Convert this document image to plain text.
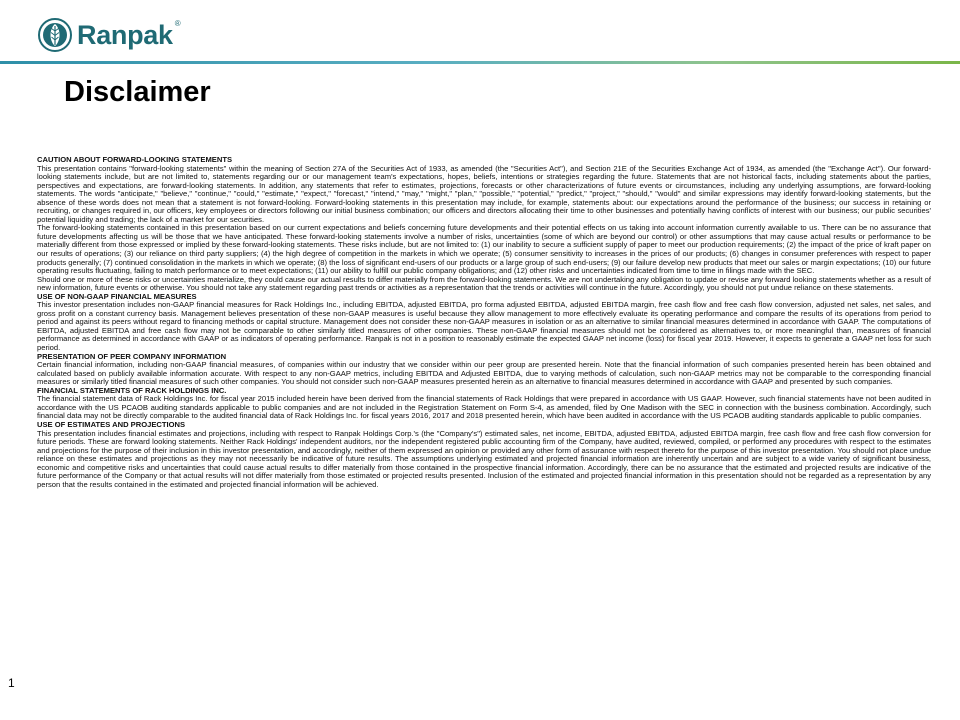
Ranpak ®
Disclaimer
CAUTION ABOUT FORWARD-LOOKING STATEMENTS

This presentation contains "forward-looking statements" within the meaning of Section 27A of the Securities Act of 1933, as amended (the "Securities Act"), and Section 21E of the Securities Exchange Act of 1934, as amended (the "Exchange Act"). Our forward-looking statements include, but are not limited to, statements regarding our or our management team's expectations, hopes, beliefs, intentions or strategies regarding the future. Statements that are not historical facts, including statements about the parties, perspectives and expectations, are forward-looking statements. In addition, any statements that refer to estimates, projections, forecasts or other characterizations of future events or circumstances, including any underlying assumptions, are forward-looking statements. The words "anticipate," "believe," "continue," "could," "estimate," "expect," "forecast," "intend," "may," "might," "plan," "possible," "potential," "predict," "project," "should," "would" and similar expressions may identify forward-looking statements, but the absence of these words does not mean that a statement is not forward-looking. Forward-looking statements in this presentation may include, for example, statements about: our expectations around the performance of the business; our success in retaining or recruiting, or changes required in, our officers, key employees or directors following our initial business combination; our officers and directors allocating their time to other businesses and potentially having conflicts of interest with our business; our public securities' potential liquidity and trading; the lack of a market for our securities.

The forward-looking statements contained in this presentation based on our current expectations and beliefs concerning future developments and their potential effects on us taking into account information currently available to us. There can be no assurance that future developments affecting us will be those that we have anticipated. These forward-looking statements involve a number of risks, uncertainties (some of which are beyond our control) or other assumptions that may cause actual results or performance to be materially different from those expressed or implied by these forward-looking statements. These risks include, but are not limited to: (1) our inability to secure a sufficient supply of paper to meet our production requirements; (2) the impact of the price of kraft paper on our results of operations; (3) our reliance on third party suppliers; (4) the high degree of competition in the markets in which we operate; (5) consumer sensitivity to increases in the prices of our products; (6) changes in consumer preferences with respect to paper products generally; (7) continued consolidation in the markets in which we operate; (8) the loss of significant end-users of our products or a large group of such end-users; (9) our failure develop new products that meet our sales or margin expectations; (10) our future operating results fluctuating, failing to match performance or to meet expectations; (11) our ability to fulfill our public company obligations; and (12) other risks and uncertainties indicated from time to time in filings made with the SEC.

Should one or more of these risks or uncertainties materialize, they could cause our actual results to differ materially from the forward-looking statements. We are not undertaking any obligation to update or revise any forward looking statements whether as a result of new information, future events or otherwise. You should not take any statement regarding past trends or activities as a representation that the trends or activities will continue in the future. Accordingly, you should not put undue reliance on these statements.

USE OF NON-GAAP FINANCIAL MEASURES

This investor presentation includes non-GAAP financial measures for Rack Holdings Inc., including EBITDA, adjusted EBITDA, pro forma adjusted EBITDA, adjusted EBITDA margin, free cash flow and free cash flow conversion, adjusted net sales, net sales, and gross profit on a constant currency basis. Management believes presentation of these non-GAAP measures is useful because they allow management to more effectively evaluate its operating performance and compare the results of its operations from period to period and against its peers without regard to financing methods or capital structure. Management does not consider these non-GAAP measures in isolation or as an alternative to similar financial measures determined in accordance with GAAP. The computations of EBITDA, adjusted EBITDA and free cash flow may not be comparable to other similarly titled measures of other companies. These non-GAAP financial measures should not be considered as alternatives to, or more meaningful than, measures of financial performance as determined in accordance with GAAP or as indicators of operating performance. Ranpak is not in a position to reasonably estimate the expected GAAP net income (loss) for fiscal year 2019. However, it expects to generate a GAAP net loss for such period.

PRESENTATION OF PEER COMPANY INFORMATION

Certain financial information, including non-GAAP financial measures, of companies within our industry that we consider within our peer group are presented herein. Note that the financial information of such companies presented herein has been obtained and calculated based on publicly available information accurate. With respect to any non-GAAP metrics, including EBITDA and Adjusted EBITDA, due to varying methods of calculation, such non-GAAP metrics may not be comparable to the corresponding financial measures or similarly titled financial measures of such other companies. You should not consider such non-GAAP measures presented herein as an alternative to financial measures determined in accordance with GAAP and presented by such companies.

FINANCIAL STATEMENTS OF RACK HOLDINGS INC.

The financial statement data of Rack Holdings Inc. for fiscal year 2015 included herein have been derived from the financial statements of Rack Holdings that were prepared in accordance with US GAAP. However, such financial statements have not been audited in accordance with the US PCAOB auditing standards applicable to public companies and are not included in the Registration Statement on Form S-4, as amended, filed by One Madison with the SEC in connection with the business combination. Accordingly, such financial data may not be directly comparable to the audited financial data of Rack Holdings Inc. for fiscal years 2016, 2017 and 2018 presented herein, which have been audited in accordance with the US PCAOB auditing standards applicable to public companies.

USE OF ESTIMATES AND PROJECTIONS

This presentation includes financial estimates and projections, including with respect to Ranpak Holdings Corp.'s (the "Company's") estimated sales, net income, EBITDA, adjusted EBITDA, adjusted EBITDA margin, free cash flow and free cash flow conversion for future periods. These are forward looking statements. Neither Rack Holdings' independent auditors, nor the independent registered public accounting firm of the Company, have audited, reviewed, compiled, or performed any procedures with respect to the estimates and projections for the purpose of their inclusion in this investor presentation, and accordingly, neither of them expressed an opinion or provided any other form of assurance with respect thereto for the purpose of this investor presentation. You should not place undue reliance on these estimates and projections as they may not necessarily be indicative of future results. The assumptions underlying estimated and projected financial information are inherently uncertain and are subject to a wide variety of significant business, economic and competitive risks and uncertainties that could cause actual results to differ materially from those contained in the prospective financial information. Accordingly, there can be no assurance that the estimated and projected results are indicative of the future performance of the Company or that actual results will not differ materially from those estimated or projected results presented. Inclusion of the estimated and projected financial information in this presentation should not be regarded as a representation by any person that the results contained in the estimated and projected financial information will be achieved.

1
